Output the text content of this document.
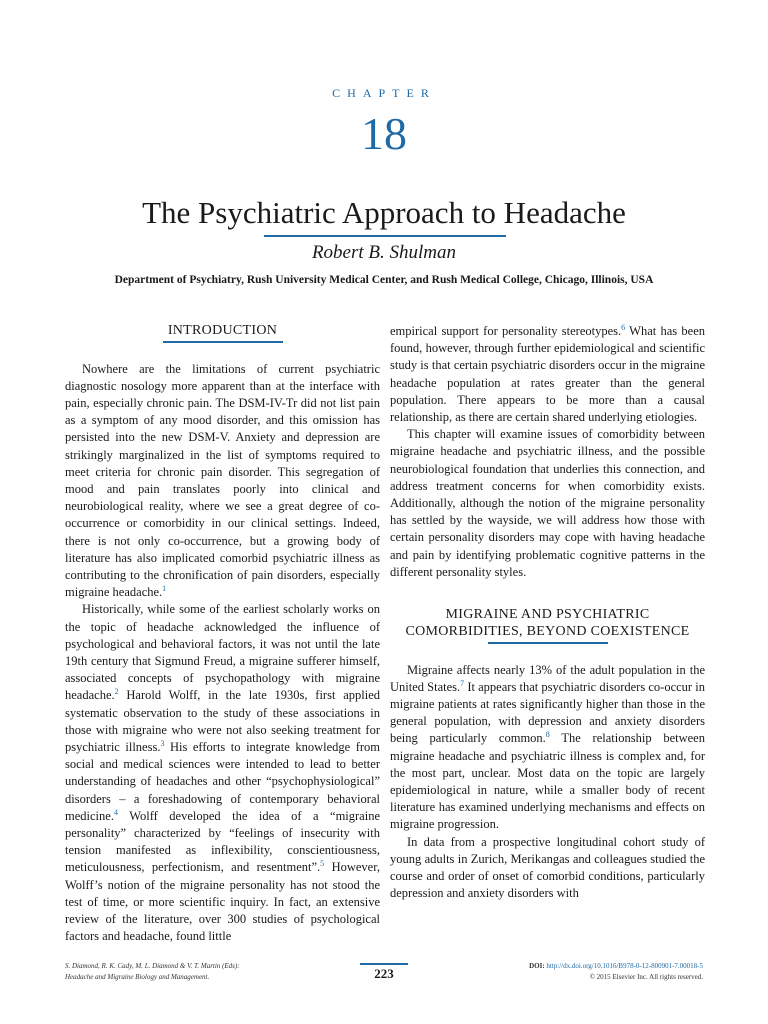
CHAPTER
18
The Psychiatric Approach to Headache
Robert B. Shulman
Department of Psychiatry, Rush University Medical Center, and Rush Medical College, Chicago, Illinois, USA
INTRODUCTION

Nowhere are the limitations of current psychiatric diagnostic nosology more apparent than at the interface with pain, especially chronic pain. The DSM-IV-Tr did not list pain as a symptom of any mood disorder, and this omission has persisted into the new DSM-V. Anxiety and depression are strikingly marginalized in the list of symptoms required to meet criteria for chronic pain disorder. This segregation of mood and pain translates poorly into clinical and neurobiological reality, where we see a great degree of co-occurrence or comorbidity in our clinical settings. Indeed, there is not only co-occurrence, but a growing body of literature has also implicated comorbid psychiatric illness as contributing to the chronification of pain disorders, especially migraine headache.$^1$

Historically, while some of the earliest scholarly works on the topic of headache acknowledged the influence of psychological and behavioral factors, it was not until the late 19th century that Sigmund Freud, a migraine sufferer himself, associated concepts of psychopathology with migraine headache.$^2$ Harold Wolff, in the late 1930s, first applied systematic observation to the study of these associations in those with migraine who were not also seeking treatment for psychiatric illness.$^3$ His efforts to integrate knowledge from social and medical sciences were intended to lead to better understanding of headaches and other “psychophysiological” disorders – a foreshadowing of contemporary behavioral medicine.$^4$ Wolff developed the idea of a “migraine personality” characterized by “feelings of insecurity with tension manifested as inflexibility, conscientiousness, meticulousness, perfectionism, and resentment”.$^5$ However, Wolff’s notion of the migraine personality has not stood the test of time, or more scientific inquiry. In fact, an extensive review of the literature, over 300 studies of psychological factors and headache, found little

empirical support for personality stereotypes.$^6$ What has been found, however, through further epidemiological and scientific study is that certain psychiatric disorders occur in the migraine headache population at rates greater than the general population. There appears to be more than a causal relationship, as there are certain shared underlying etiologies.

This chapter will examine issues of comorbidity between migraine headache and psychiatric illness, and the possible neurobiological foundation that underlies this connection, and address treatment concerns for when comorbidity exists. Additionally, although the notion of the migraine personality has settled by the wayside, we will address how those with certain personality disorders may cope with having headache and pain by identifying problematic cognitive patterns in the different personality styles.

MIGRAINE AND PSYCHIATRIC COMORBIDITIES, BEYOND COEXISTENCE

Migraine affects nearly 13% of the adult population in the United States.$^7$ It appears that psychiatric disorders co-occur in migraine patients at rates significantly higher than those in the general population, with depression and anxiety disorders being particularly common.$^8$ The relationship between migraine headache and psychiatric illness is complex and, for the most part, unclear. Most data on the topic are largely epidemiological in nature, while a smaller body of recent literature has examined underlying mechanisms and effects on migraine progression.

In data from a prospective longitudinal cohort study of young adults in Zurich, Merikangas and colleagues studied the course and order of onset of comorbid conditions, particularly depression and anxiety disorders with

S. Diamond, R. K. Cady, M. L. Diamond & V. T. Martin (Eds):
Headache and Migraine Biology and Management.	223	DOI: http://dx.doi.org/10.1016/B978-0-12-800901-7.00018-5
© 2015 Elsevier Inc. All rights reserved.
